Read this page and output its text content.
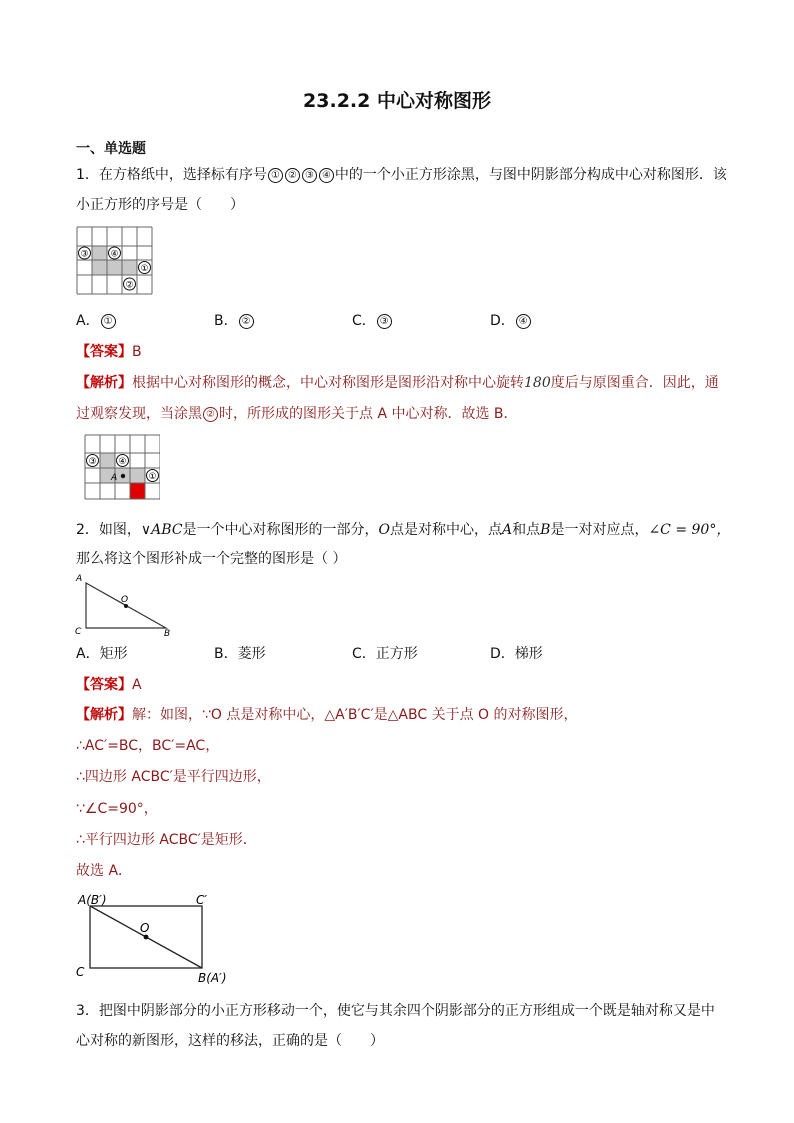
23.2.2 中心对称图形
一、单选题
1．在方格纸中，选择标有序号 ① ② ③ ④ 中的一个小正方形涂黑，与图中阴影部分构成中心对称图形．该
小正方形的序号是（　　）
③ ④
①
②
A． ①	B． ②	C． ③	D． ④
【答案】B
【解析】根据中心对称图形的概念，中心对称图形是图形沿对称中心旋转180度后与原图重合．因此，通
过观察发现，当涂黑 ② 时，所形成的图形关于点 A 中心对称．故选 B．
③ ④
①
A
2．如图，∨ABC是一个中心对称图形的一部分，O点是对称中心，点A和点B是一对对应点，∠C = 90°，
那么将这个图形补成一个完整的图形是（ ）
A
C	B
O
A．矩形	B．菱形	C．正方形	D．梯形
【答案】A
【解析】解：如图，∵O 点是对称中心，△A′B′C′是△ABC 关于点 O 的对称图形，
∴AC′=BC，BC′=AC，
∴四边形 ACBC′是平行四边形，
∵∠C=90°，
∴平行四边形 ACBC′是矩形．
故选 A．
A(B′)	C′
C	B(A′)
O
3．把图中阴影部分的小正方形移动一个，使它与其余四个阴影部分的正方形组成一个既是轴对称又是中
心对称的新图形，这样的移法，正确的是（　　）
